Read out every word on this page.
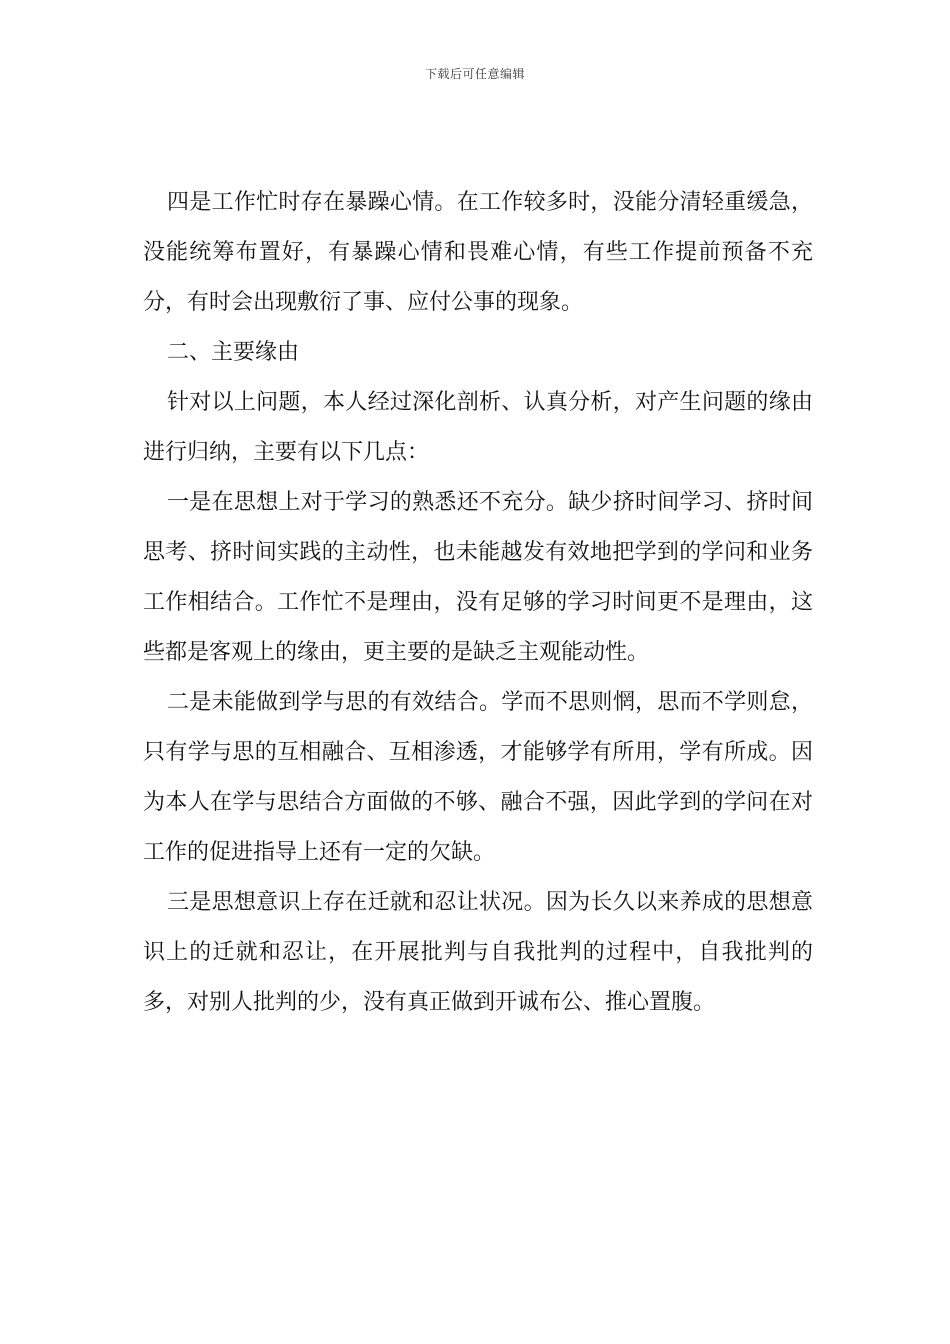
下载后可任意编辑

四是工作忙时存在暴躁心情。在工作较多时，没能分清轻重缓急，没能统筹布置好，有暴躁心情和畏难心情，有些工作提前预备不充分，有时会出现敷衍了事、应付公事的现象。

二、主要缘由

针对以上问题，本人经过深化剖析、认真分析，对产生问题的缘由进行归纳，主要有以下几点：

一是在思想上对于学习的熟悉还不充分。缺少挤时间学习、挤时间思考、挤时间实践的主动性，也未能越发有效地把学到的学问和业务工作相结合。工作忙不是理由，没有足够的学习时间更不是理由，这些都是客观上的缘由，更主要的是缺乏主观能动性。

二是未能做到学与思的有效结合。学而不思则惘，思而不学则怠，只有学与思的互相融合、互相渗透，才能够学有所用，学有所成。因为本人在学与思结合方面做的不够、融合不强，因此学到的学问在对工作的促进指导上还有一定的欠缺。

三是思想意识上存在迁就和忍让状况。因为长久以来养成的思想意识上的迁就和忍让，在开展批判与自我批判的过程中，自我批判的多，对别人批判的少，没有真正做到开诚布公、推心置腹。
